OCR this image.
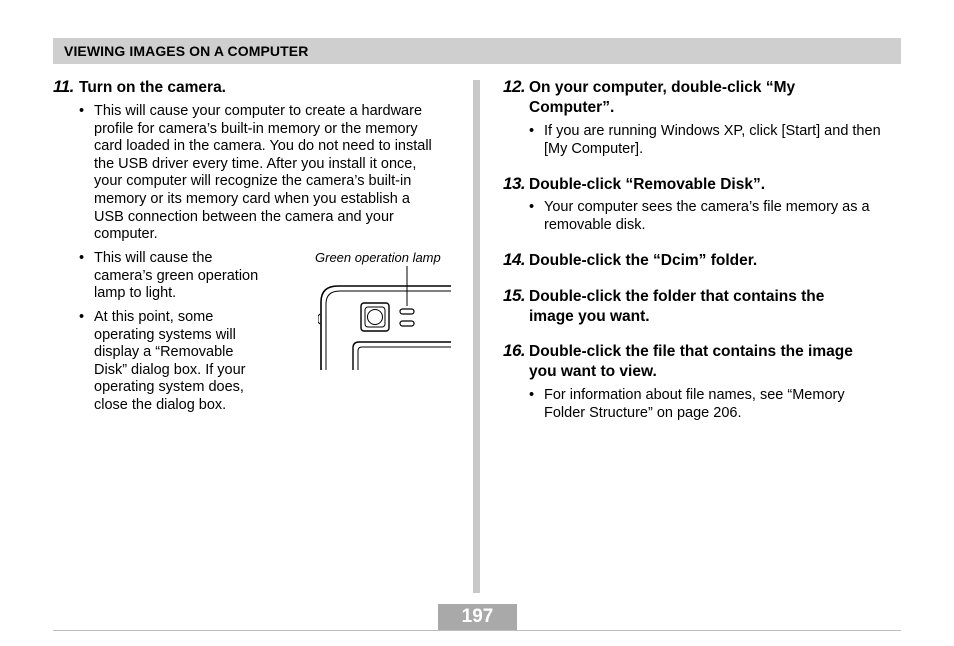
VIEWING IMAGES ON A COMPUTER
11. Turn on the camera.
• This will cause your computer to create a hardware
profile for camera’s built-in memory or the memory
card loaded in the camera. You do not need to install
the USB driver every time. After you install it once,
your computer will recognize the camera’s built-in
memory or its memory card when you establish a
USB connection between the camera and your
computer.
• This will cause the
camera’s green operation
lamp to light.
• At this point, some
operating systems will
display a “Removable
Disk” dialog box. If your
operating system does,
close the dialog box.
Green operation lamp
12. On your computer, double-click “My
Computer”.
• If you are running Windows XP, click [Start] and then
[My Computer].
13. Double-click “Removable Disk”.
• Your computer sees the camera’s file memory as a
removable disk.
14. Double-click the “Dcim” folder.
15. Double-click the folder that contains the
image you want.
16. Double-click the file that contains the image
you want to view.
• For information about file names, see “Memory
Folder Structure” on page 206.
197
